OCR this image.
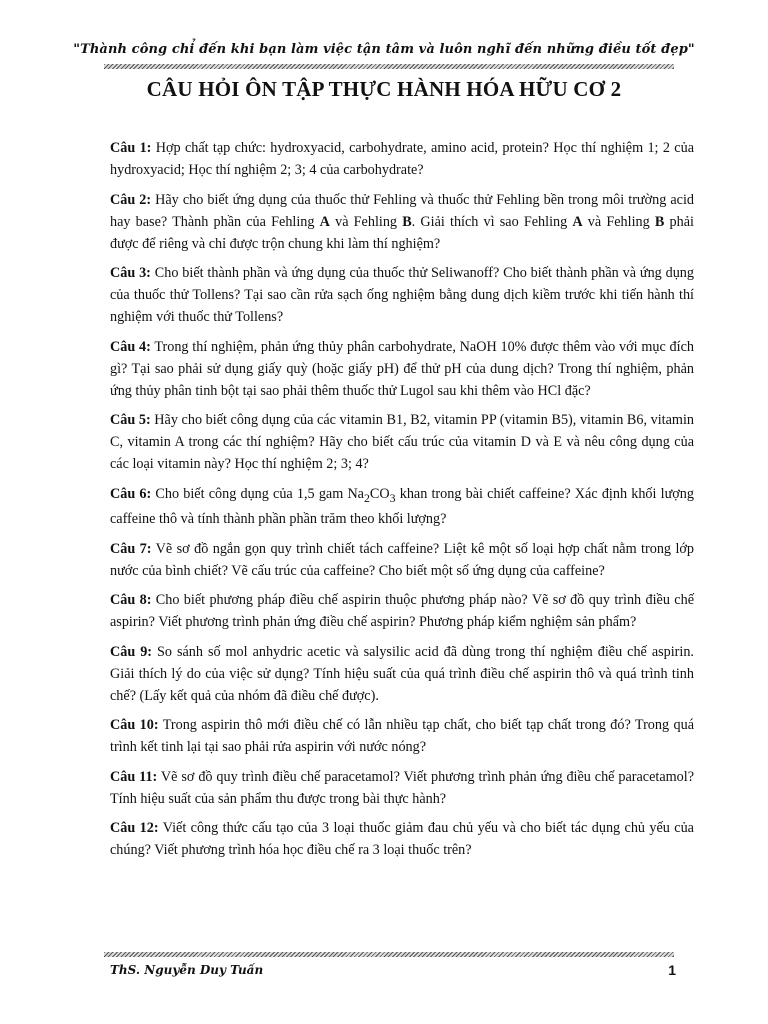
"Thành công chỉ đến khi bạn làm việc tận tâm và luôn nghĩ đến những điều tốt đẹp"
CÂU HỎI ÔN TẬP THỰC HÀNH HÓA HỮU CƠ 2

Câu 1: Hợp chất tạp chức: hydroxyacid, carbohydrate, amino acid, protein? Học thí nghiệm 1; 2 của hydroxyacid; Học thí nghiệm 2; 3; 4 của carbohydrate?

Câu 2: Hãy cho biết ứng dụng của thuốc thử Fehling và thuốc thử Fehling bền trong môi trường acid hay base? Thành phần của Fehling A và Fehling B. Giải thích vì sao Fehling A và Fehling B phải được để riêng và chỉ được trộn chung khi làm thí nghiệm?

Câu 3: Cho biết thành phần và ứng dụng của thuốc thử Seliwanoff? Cho biết thành phần và ứng dụng của thuốc thử Tollens? Tại sao cần rửa sạch ống nghiệm bằng dung dịch kiềm trước khi tiến hành thí nghiệm với thuốc thử Tollens?

Câu 4: Trong thí nghiệm, phản ứng thủy phân carbohydrate, NaOH 10% được thêm vào với mục đích gì? Tại sao phải sử dụng giấy quỳ (hoặc giấy pH) để thử pH của dung dịch? Trong thí nghiệm, phản ứng thủy phân tinh bột tại sao phải thêm thuốc thử Lugol sau khi thêm vào HCl đặc?

Câu 5: Hãy cho biết công dụng của các vitamin B1, B2, vitamin PP (vitamin B5), vitamin B6, vitamin C, vitamin A trong các thí nghiệm? Hãy cho biết cấu trúc của vitamin D và E và nêu công dụng của các loại vitamin này? Học thí nghiệm 2; 3; 4?

Câu 6: Cho biết công dụng của 1,5 gam $Na_2CO_3$ khan trong bài chiết caffeine? Xác định khối lượng caffeine thô và tính thành phần phần trăm theo khối lượng?

Câu 7: Vẽ sơ đồ ngắn gọn quy trình chiết tách caffeine? Liệt kê một số loại hợp chất nằm trong lớp nước của bình chiết? Vẽ cấu trúc của caffeine? Cho biết một số ứng dụng của caffeine?

Câu 8: Cho biết phương pháp điều chế aspirin thuộc phương pháp nào? Vẽ sơ đồ quy trình điều chế aspirin? Viết phương trình phản ứng điều chế aspirin? Phương pháp kiểm nghiệm sản phẩm?

Câu 9: So sánh số mol anhydric acetic và salysilic acid đã dùng trong thí nghiệm điều chế aspirin. Giải thích lý do của việc sử dụng? Tính hiệu suất của quá trình điều chế aspirin thô và quá trình tinh chế? (Lấy kết quả của nhóm đã điều chế được).

Câu 10: Trong aspirin thô mới điều chế có lẫn nhiều tạp chất, cho biết tạp chất trong đó? Trong quá trình kết tinh lại tại sao phải rửa aspirin với nước nóng?

Câu 11: Vẽ sơ đồ quy trình điều chế paracetamol? Viết phương trình phản ứng điều chế paracetamol? Tính hiệu suất của sản phẩm thu được trong bài thực hành?

Câu 12: Viết công thức cấu tạo của 3 loại thuốc giảm đau chủ yếu và cho biết tác dụng chủ yếu của chúng? Viết phương trình hóa học điều chế ra 3 loại thuốc trên?

ThS. Nguyễn Duy Tuấn	1
